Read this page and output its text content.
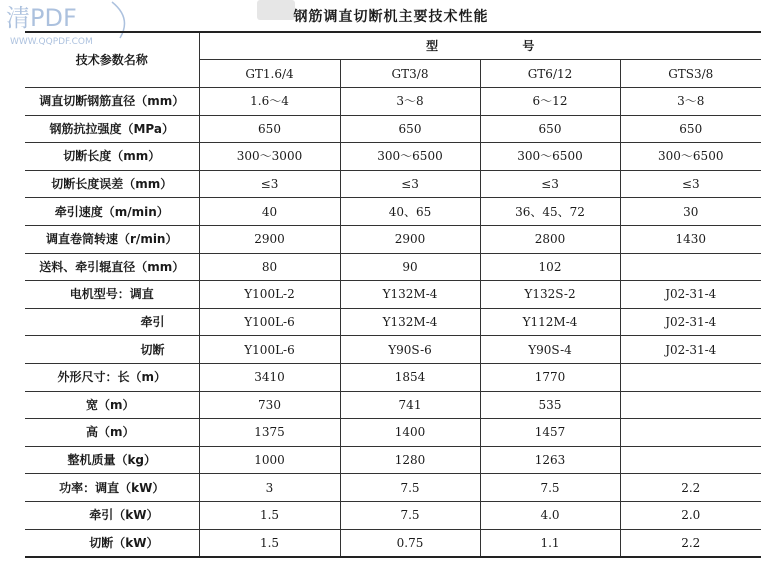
清PDF
WWW.QQPDF.COM
钢筋调直切断机主要技术性能
技术参数名称	型 号			
	GT1.6/4	GT3/8	GT6/12	GTS3/8
调直切断钢筋直径（mm）	1.6～4	3～8	6～12	3～8
钢筋抗拉强度（MPa）	650	650	650	650
切断长度（mm）	300～3000	300～6500	300～6500	300～6500
切断长度误差（mm）	≤3	≤3	≤3	≤3
牵引速度（m/min）	40	40、65	36、45、72	30
调直卷筒转速（r/min）	2900	2900	2800	1430
送料、牵引辊直径（mm）	80	90	102	
电机型号：调直	Y100L-2	Y132M-4	Y132S-2	J02-31-4
牵引	Y100L-6	Y132M-4	Y112M-4	J02-31-4
切断	Y100L-6	Y90S-6	Y90S-4	J02-31-4
外形尺寸：长（m）	3410	1854	1770	
宽（m）	730	741	535	
高（m）	1375	1400	1457	
整机质量（kg）	1000	1280	1263	
功率：调直（kW）	3	7.5	7.5	2.2
牵引（kW）	1.5	7.5	4.0	2.0
切断（kW）	1.5	0.75	1.1	2.2
